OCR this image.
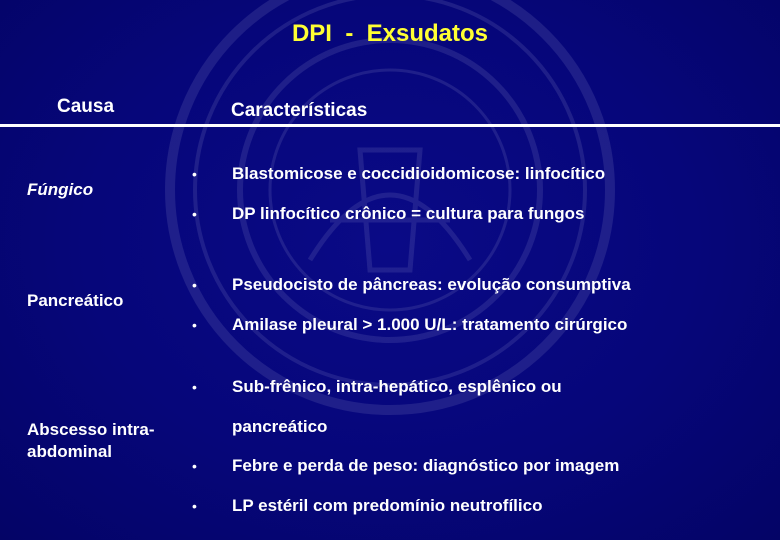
DPI  -  Exsudatos
Causa	Características
Fúngico
Pancreático
Abscesso intra-
abdominal
• Blastomicose e coccidioidomicose: linfocítico
• DP linfocítico crônico = cultura para fungos
• Pseudocisto de pâncreas: evolução consumptiva
• Amilase pleural > 1.000 U/L: tratamento cirúrgico
• Sub-frênico, intra-hepático, esplênico ou
pancreático
• Febre e perda de peso: diagnóstico por imagem
• LP estéril com predomínio neutrofílico
